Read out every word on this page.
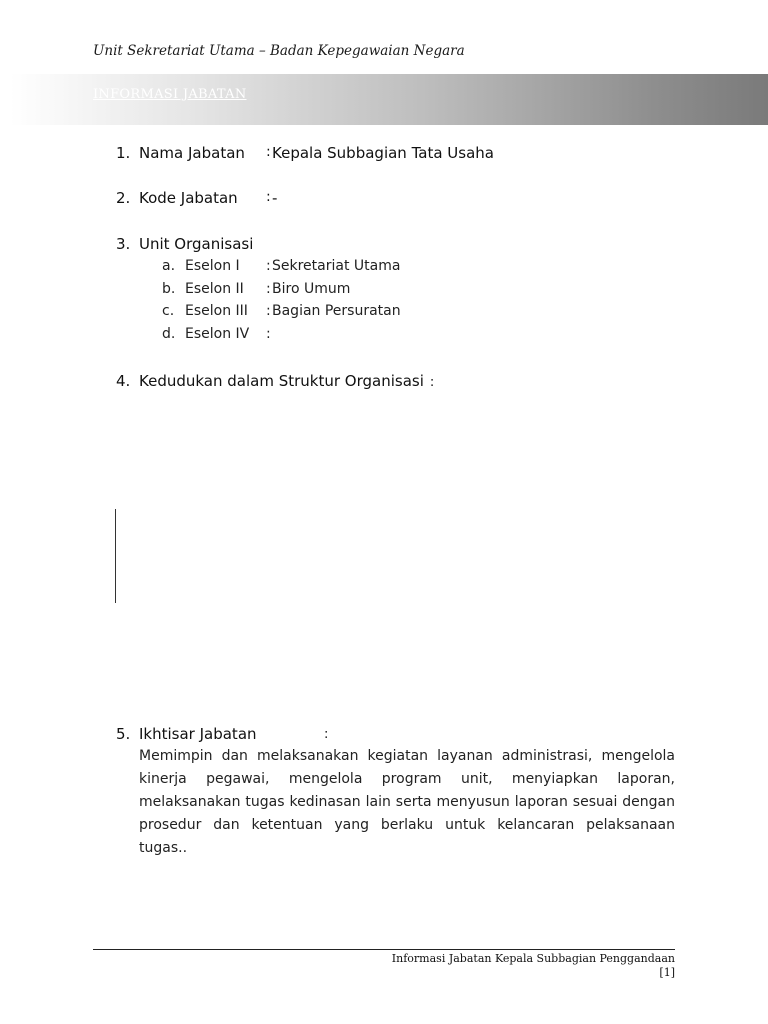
Unit Sekretariat Utama – Badan Kepegawaian Negara
INFORMASI JABATAN
1. Nama Jabatan : Kepala Subbagian Tata Usaha
2. Kode Jabatan : -
3. Unit Organisasi
a. Eselon I : Sekretariat Utama
b. Eselon II : Biro Umum
c. Eselon III : Bagian Persuratan
d. Eselon IV :
4. Kedudukan dalam Struktur Organisasi :
5. Ikhtisar Jabatan	:
Memimpin dan melaksanakan kegiatan layanan administrasi, mengelola kinerja pegawai, mengelola program unit, menyiapkan laporan, melaksanakan tugas kedinasan lain serta menyusun laporan sesuai dengan prosedur dan ketentuan yang berlaku untuk kelancaran pelaksanaan tugas..
Informasi Jabatan Kepala Subbagian Penggandaan
[1]
